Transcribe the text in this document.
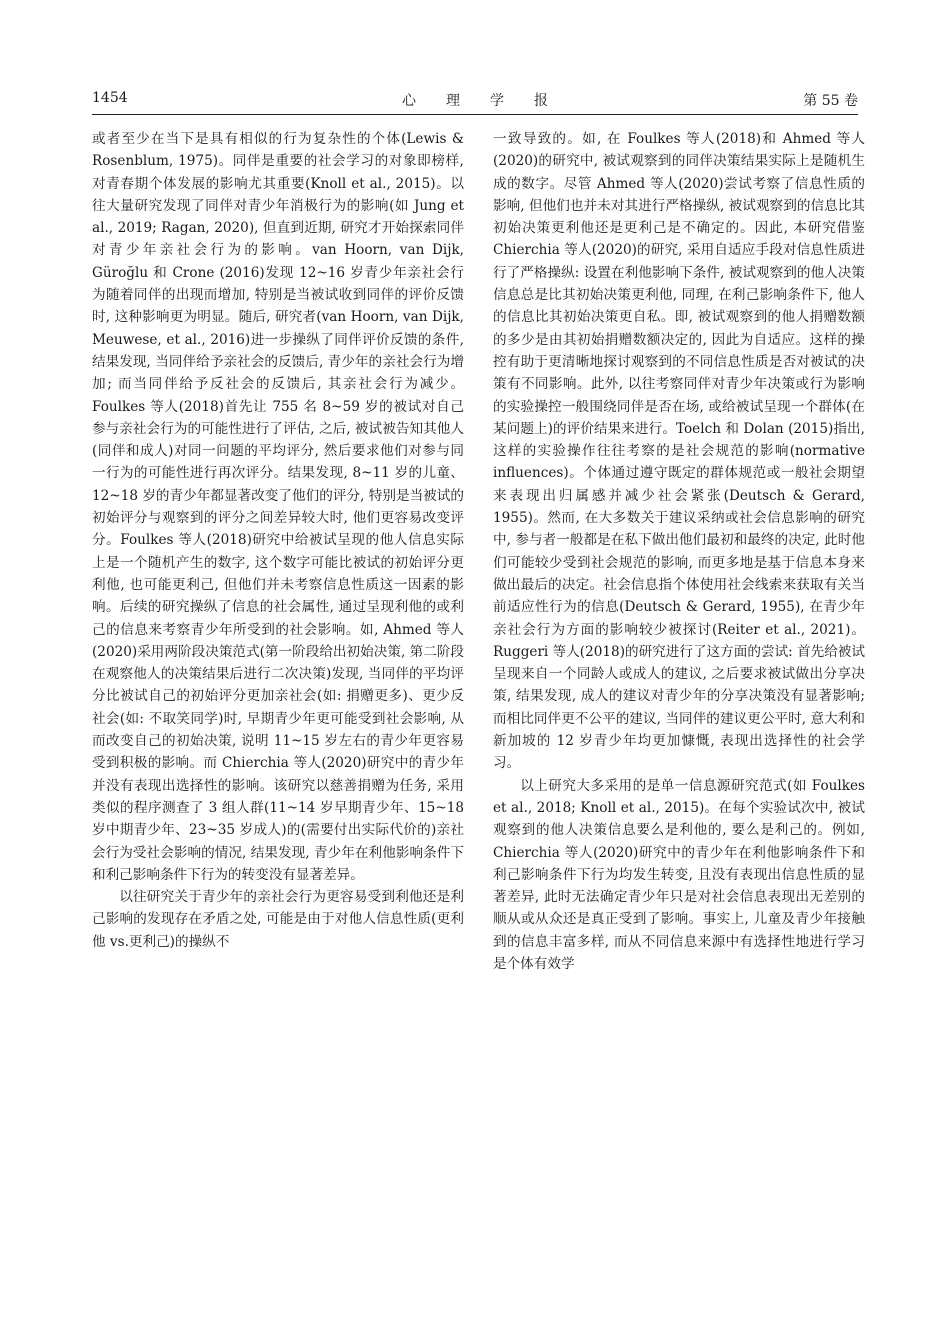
1454	心理学报	第 55 卷

或者至少在当下是具有相似的行为复杂性的个体(Lewis & Rosenblum, 1975)。同伴是重要的社会学习的对象即榜样, 对青春期个体发展的影响尤其重要(Knoll et al., 2015)。以往大量研究发现了同伴对青少年消极行为的影响(如 Jung et al., 2019; Ragan, 2020), 但直到近期, 研究才开始探索同伴对青少年亲社会行为的影响。van Hoorn, van Dijk, Güroğlu 和 Crone (2016)发现 12~16 岁青少年亲社会行为随着同伴的出现而增加, 特别是当被试收到同伴的评价反馈时, 这种影响更为明显。随后, 研究者(van Hoorn, van Dijk, Meuwese, et al., 2016)进一步操纵了同伴评价反馈的条件, 结果发现, 当同伴给予亲社会的反馈后, 青少年的亲社会行为增加; 而当同伴给予反社会的反馈后, 其亲社会行为减少。Foulkes 等人(2018)首先让 755 名 8~59 岁的被试对自己参与亲社会行为的可能性进行了评估, 之后, 被试被告知其他人(同伴和成人)对同一问题的平均评分, 然后要求他们对参与同一行为的可能性进行再次评分。结果发现, 8~11 岁的儿童、12~18 岁的青少年都显著改变了他们的评分, 特别是当被试的初始评分与观察到的评分之间差异较大时, 他们更容易改变评分。Foulkes 等人(2018)研究中给被试呈现的他人信息实际上是一个随机产生的数字, 这个数字可能比被试的初始评分更利他, 也可能更利己, 但他们并未考察信息性质这一因素的影响。后续的研究操纵了信息的社会属性, 通过呈现利他的或利己的信息来考察青少年所受到的社会影响。如, Ahmed 等人(2020)采用两阶段决策范式(第一阶段给出初始决策, 第二阶段在观察他人的决策结果后进行二次决策)发现, 当同伴的平均评分比被试自己的初始评分更加亲社会(如: 捐赠更多)、更少反社会(如: 不取笑同学)时, 早期青少年更可能受到社会影响, 从而改变自己的初始决策, 说明 11~15 岁左右的青少年更容易受到积极的影响。而 Chierchia 等人(2020)研究中的青少年并没有表现出选择性的影响。该研究以慈善捐赠为任务, 采用类似的程序测查了 3 组人群(11~14 岁早期青少年、15~18 岁中期青少年、23~35 岁成人)的(需要付出实际代价的)亲社会行为受社会影响的情况, 结果发现, 青少年在利他影响条件下和利己影响条件下行为的转变没有显著差异。

以往研究关于青少年的亲社会行为更容易受到利他还是利己影响的发现存在矛盾之处, 可能是由于对他人信息性质(更利他 vs.更利己)的操纵不

一致导致的。如, 在 Foulkes 等人(2018)和 Ahmed 等人(2020)的研究中, 被试观察到的同伴决策结果实际上是随机生成的数字。尽管 Ahmed 等人(2020)尝试考察了信息性质的影响, 但他们也并未对其进行严格操纵, 被试观察到的信息比其初始决策更利他还是更利己是不确定的。因此, 本研究借鉴 Chierchia 等人(2020)的研究, 采用自适应手段对信息性质进行了严格操纵: 设置在利他影响下条件, 被试观察到的他人决策信息总是比其初始决策更利他, 同理, 在利己影响条件下, 他人的信息比其初始决策更自私。即, 被试观察到的他人捐赠数额的多少是由其初始捐赠数额决定的, 因此为自适应。这样的操控有助于更清晰地探讨观察到的不同信息性质是否对被试的决策有不同影响。此外, 以往考察同伴对青少年决策或行为影响的实验操控一般围绕同伴是否在场, 或给被试呈现一个群体(在某问题上)的评价结果来进行。Toelch 和 Dolan (2015)指出, 这样的实验操作往往考察的是社会规范的影响(normative influences)。个体通过遵守既定的群体规范或一般社会期望来表现出归属感并减少社会紧张(Deutsch & Gerard, 1955)。然而, 在大多数关于建议采纳或社会信息影响的研究中, 参与者一般都是在私下做出他们最初和最终的决定, 此时他们可能较少受到社会规范的影响, 而更多地是基于信息本身来做出最后的决定。社会信息指个体使用社会线索来获取有关当前适应性行为的信息(Deutsch & Gerard, 1955), 在青少年亲社会行为方面的影响较少被探讨(Reiter et al., 2021)。Ruggeri 等人(2018)的研究进行了这方面的尝试: 首先给被试呈现来自一个同龄人或成人的建议, 之后要求被试做出分享决策, 结果发现, 成人的建议对青少年的分享决策没有显著影响; 而相比同伴更不公平的建议, 当同伴的建议更公平时, 意大利和新加坡的 12 岁青少年均更加慷慨, 表现出选择性的社会学习。

以上研究大多采用的是单一信息源研究范式(如 Foulkes et al., 2018; Knoll et al., 2015)。在每个实验试次中, 被试观察到的他人决策信息要么是利他的, 要么是利己的。例如, Chierchia 等人(2020)研究中的青少年在利他影响条件下和利己影响条件下行为均发生转变, 且没有表现出信息性质的显著差异, 此时无法确定青少年只是对社会信息表现出无差别的顺从或从众还是真正受到了影响。事实上, 儿童及青少年接触到的信息丰富多样, 而从不同信息来源中有选择性地进行学习是个体有效学
